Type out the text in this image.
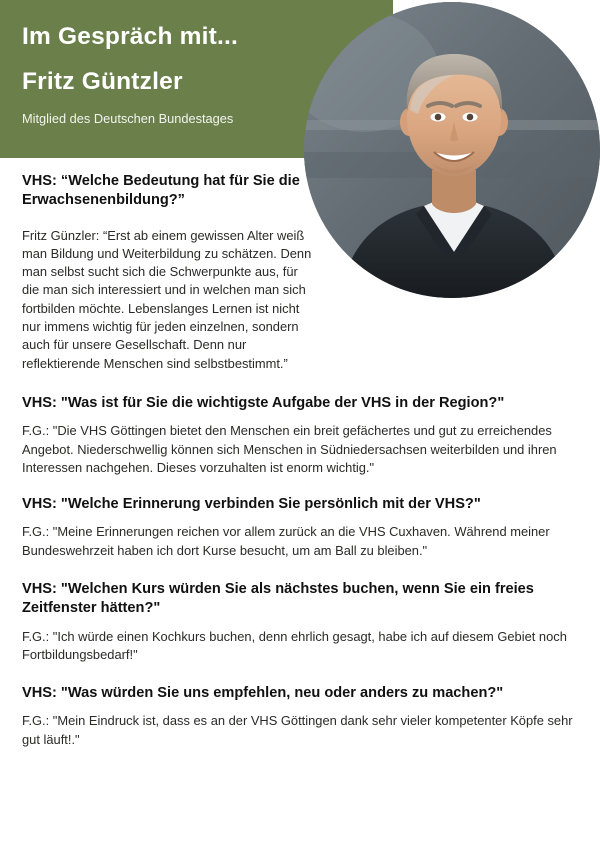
Im Gespräch mit...
Fritz Güntzler
Mitglied des Deutschen Bundestages

VHS: “Welche Bedeutung hat für Sie die Erwachsenenbildung?”

Fritz Günzler: “Erst ab einem gewissen Alter weiß man Bildung und Weiterbildung zu schätzen. Denn man selbst sucht sich die Schwerpunkte aus, für die man sich interessiert und in welchen man sich fortbilden möchte. Lebenslanges Lernen ist nicht nur immens wichtig für jeden einzelnen, sondern auch für unsere Gesellschaft. Denn nur reflektierende Menschen sind selbstbestimmt.”

VHS: "Was ist für Sie die wichtigste Aufgabe der VHS in der Region?"

F.G.: "Die VHS Göttingen bietet den Menschen ein breit gefächertes und gut zu erreichendes Angebot. Niederschwellig können sich Menschen in Südniedersachsen weiterbilden und ihren Interessen nachgehen. Dieses vorzuhalten ist enorm wichtig."

VHS: "Welche Erinnerung verbinden Sie persönlich mit der VHS?"

F.G.: "Meine Erinnerungen reichen vor allem zurück an die VHS Cuxhaven. Während meiner Bundeswehrzeit haben ich dort Kurse besucht, um am Ball zu bleiben."

VHS: "Welchen Kurs würden Sie als nächstes buchen, wenn Sie ein freies Zeitfenster hätten?"

F.G.: "Ich würde einen Kochkurs buchen, denn ehrlich gesagt, habe ich auf diesem Gebiet noch Fortbildungsbedarf!"

VHS: "Was würden Sie uns empfehlen, neu oder anders zu machen?"

F.G.: "Mein Eindruck ist, dass es an der VHS Göttingen dank sehr vieler kompetenter Köpfe sehr gut läuft!."
